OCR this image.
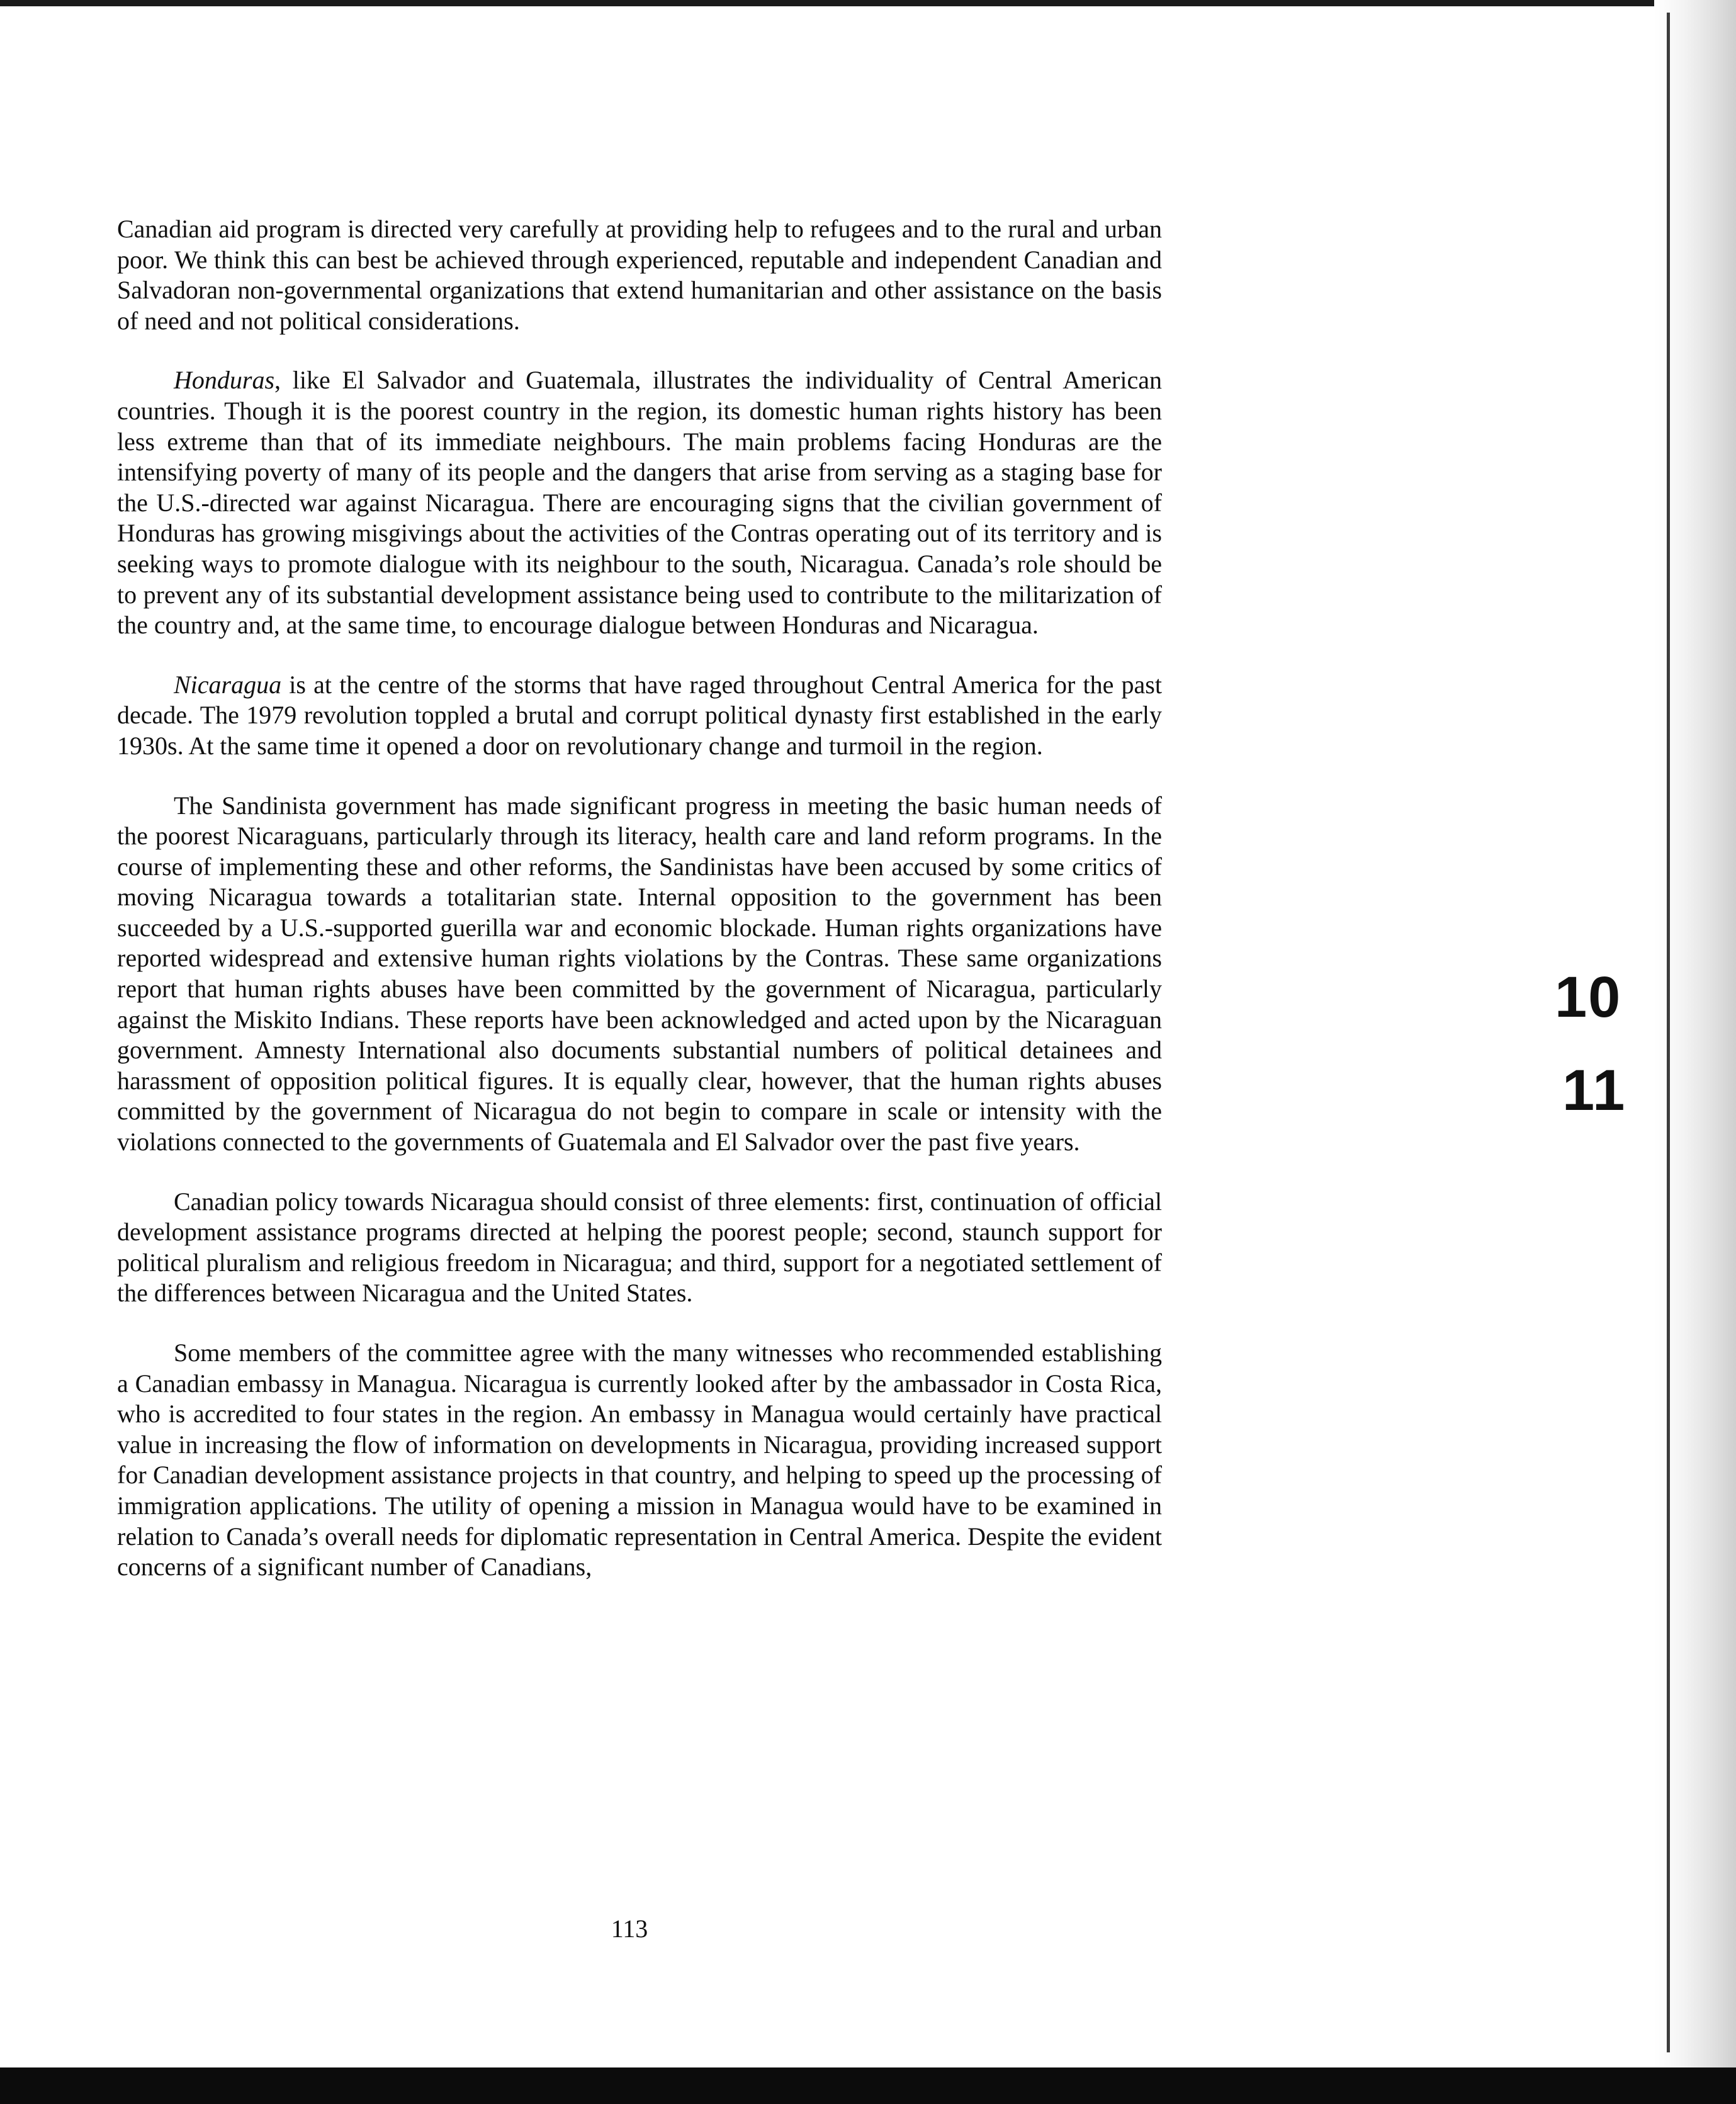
Canadian aid program is directed very carefully at providing help to refugees and to the rural and urban poor. We think this can best be achieved through experienced, reputable and independent Canadian and Salvadoran non-governmental organizations that extend humanitarian and other assistance on the basis of need and not political considerations.

Honduras, like El Salvador and Guatemala, illustrates the individuality of Central American countries. Though it is the poorest country in the region, its domestic human rights history has been less extreme than that of its immediate neighbours. The main problems facing Honduras are the intensifying poverty of many of its people and the dangers that arise from serving as a staging base for the U.S.-directed war against Nicaragua. There are encouraging signs that the civilian government of Honduras has growing misgivings about the activities of the Contras operating out of its territory and is seeking ways to promote dialogue with its neighbour to the south, Nicaragua. Canada’s role should be to prevent any of its substantial development assistance being used to contribute to the militarization of the country and, at the same time, to encourage dialogue between Honduras and Nicaragua.

Nicaragua is at the centre of the storms that have raged throughout Central America for the past decade. The 1979 revolution toppled a brutal and corrupt political dynasty first established in the early 1930s. At the same time it opened a door on revolutionary change and turmoil in the region.

The Sandinista government has made significant progress in meeting the basic human needs of the poorest Nicaraguans, particularly through its literacy, health care and land reform programs. In the course of implementing these and other reforms, the Sandinistas have been accused by some critics of moving Nicaragua towards a totalitarian state. Internal opposition to the government has been succeeded by a U.S.-supported guerilla war and economic blockade. Human rights organizations have reported widespread and extensive human rights violations by the Contras. These same organizations report that human rights abuses have been committed by the government of Nicaragua, particularly against the Miskito Indians. These reports have been acknowledged and acted upon by the Nicaraguan government. Amnesty International also documents substantial numbers of political detainees and harassment of opposition political figures. It is equally clear, however, that the human rights abuses committed by the government of Nicaragua do not begin to compare in scale or intensity with the violations connected to the governments of Guatemala and El Salvador over the past five years.

Canadian policy towards Nicaragua should consist of three elements: first, continuation of official development assistance programs directed at helping the poorest people; second, staunch support for political pluralism and religious freedom in Nicaragua; and third, support for a negotiated settlement of the differences between Nicaragua and the United States.

Some members of the committee agree with the many witnesses who recommended establishing a Canadian embassy in Managua. Nicaragua is currently looked after by the ambassador in Costa Rica, who is accredited to four states in the region. An embassy in Managua would certainly have practical value in increasing the flow of information on developments in Nicaragua, providing increased support for Canadian development assistance projects in that country, and helping to speed up the processing of immigration applications. The utility of opening a mission in Managua would have to be examined in relation to Canada’s overall needs for diplomatic representation in Central America. Despite the evident concerns of a significant number of Canadians,

10
11
113
